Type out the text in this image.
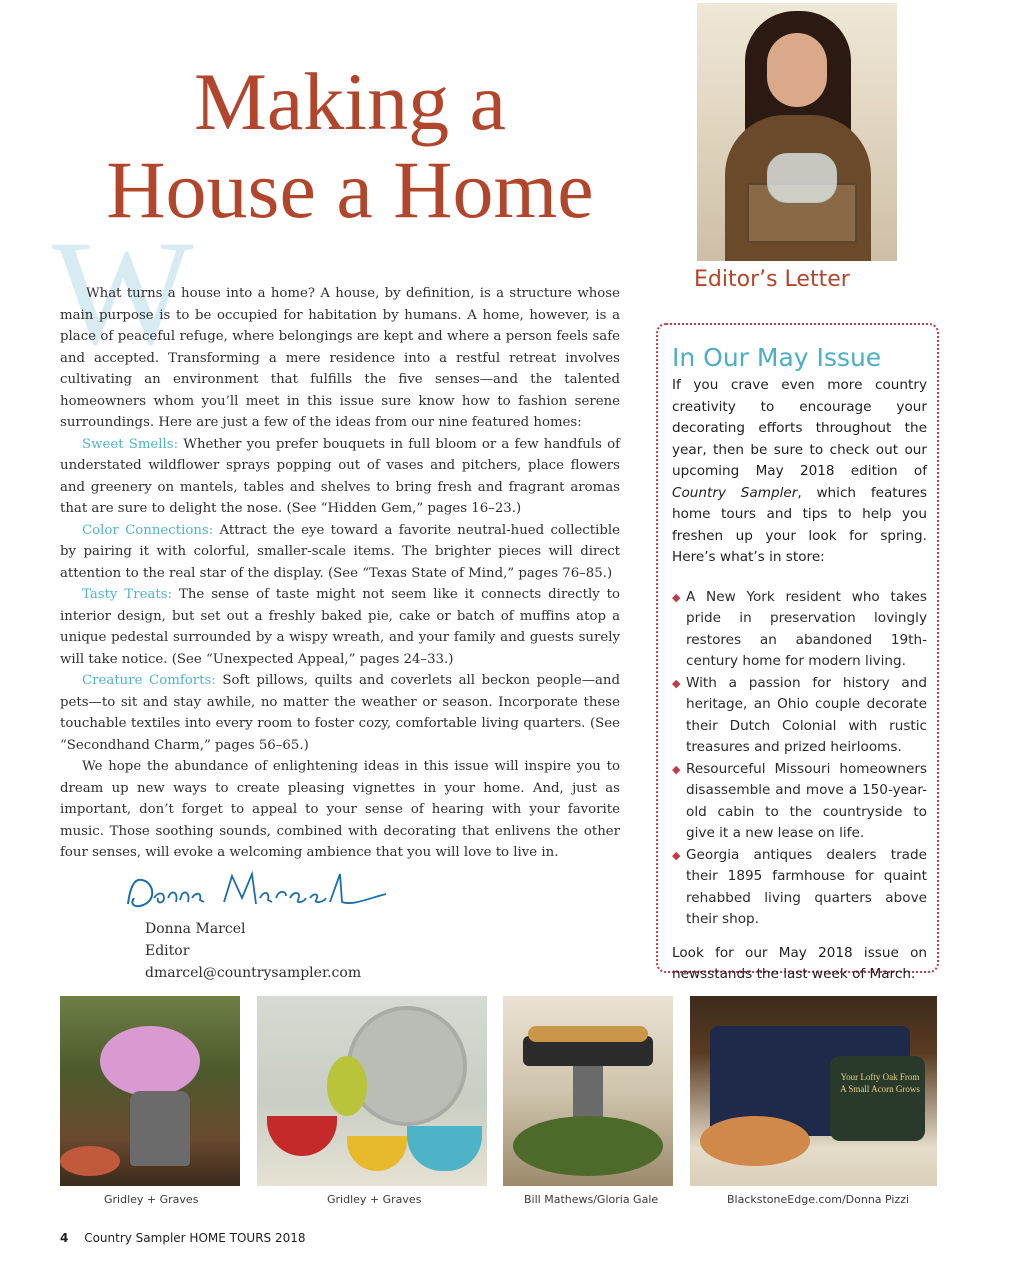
Making a
House a Home
W

What turns a house into a home? A house, by definition, is a structure whose main purpose is to be occupied for habitation by humans. A home, however, is a place of peaceful refuge, where belongings are kept and where a person feels safe and accepted. Transforming a mere residence into a restful retreat involves cultivating an environment that fulfills the five senses—and the talented homeowners whom you’ll meet in this issue sure know how to fashion serene surroundings. Here are just a few of the ideas from our nine featured homes:

Sweet Smells: Whether you prefer bouquets in full bloom or a few handfuls of understated wildflower sprays popping out of vases and pitchers, place flowers and greenery on mantels, tables and shelves to bring fresh and fragrant aromas that are sure to delight the nose. (See “Hidden Gem,” pages 16–23.)

Color Connections: Attract the eye toward a favorite neutral-hued collectible by pairing it with colorful, smaller-scale items. The brighter pieces will direct attention to the real star of the display. (See “Texas State of Mind,” pages 76–85.)

Tasty Treats: The sense of taste might not seem like it connects directly to interior design, but set out a freshly baked pie, cake or batch of muffins atop a unique pedestal surrounded by a wispy wreath, and your family and guests surely will take notice. (See “Unexpected Appeal,” pages 24–33.)

Creature Comforts: Soft pillows, quilts and coverlets all beckon people—and pets—to sit and stay awhile, no matter the weather or season. Incorporate these touchable textiles into every room to foster cozy, comfortable living quarters. (See “Secondhand Charm,” pages 56–65.)

We hope the abundance of enlightening ideas in this issue will inspire you to dream up new ways to create pleasing vignettes in your home. And, just as important, don’t forget to appeal to your sense of hearing with your favorite music. Those soothing sounds, combined with decorating that enlivens the other four senses, will evoke a welcoming ambience that you will love to live in.

Donna Marcel
Editor
dmarcel@countrysampler.com
Editor’s Letter
In Our May Issue

If you crave even more country creativity to encourage your decorating efforts throughout the year, then be sure to check out our upcoming May 2018 edition of Country Sampler, which features home tours and tips to help you freshen up your look for spring. Here’s what’s in store:

◆ A New York resident who takes pride in preservation lovingly restores an abandoned 19th-century home for modern living.
◆ With a passion for history and heritage, an Ohio couple decorate their Dutch Colonial with rustic treasures and prized heirlooms.
◆ Resourceful Missouri homeowners disassemble and move a 150-year-old cabin to the countryside to give it a new lease on life.
◆ Georgia antiques dealers trade their 1895 farmhouse for quaint rehabbed living quarters above their shop.

Look for our May 2018 issue on newsstands the last week of March.

Your Lofty Oak From A Small Acorn Grows
Gridley + Graves	Gridley + Graves	Bill Mathews/Gloria Gale	BlackstoneEdge.com/Donna Pizzi
4 Country Sampler HOME TOURS 2018
